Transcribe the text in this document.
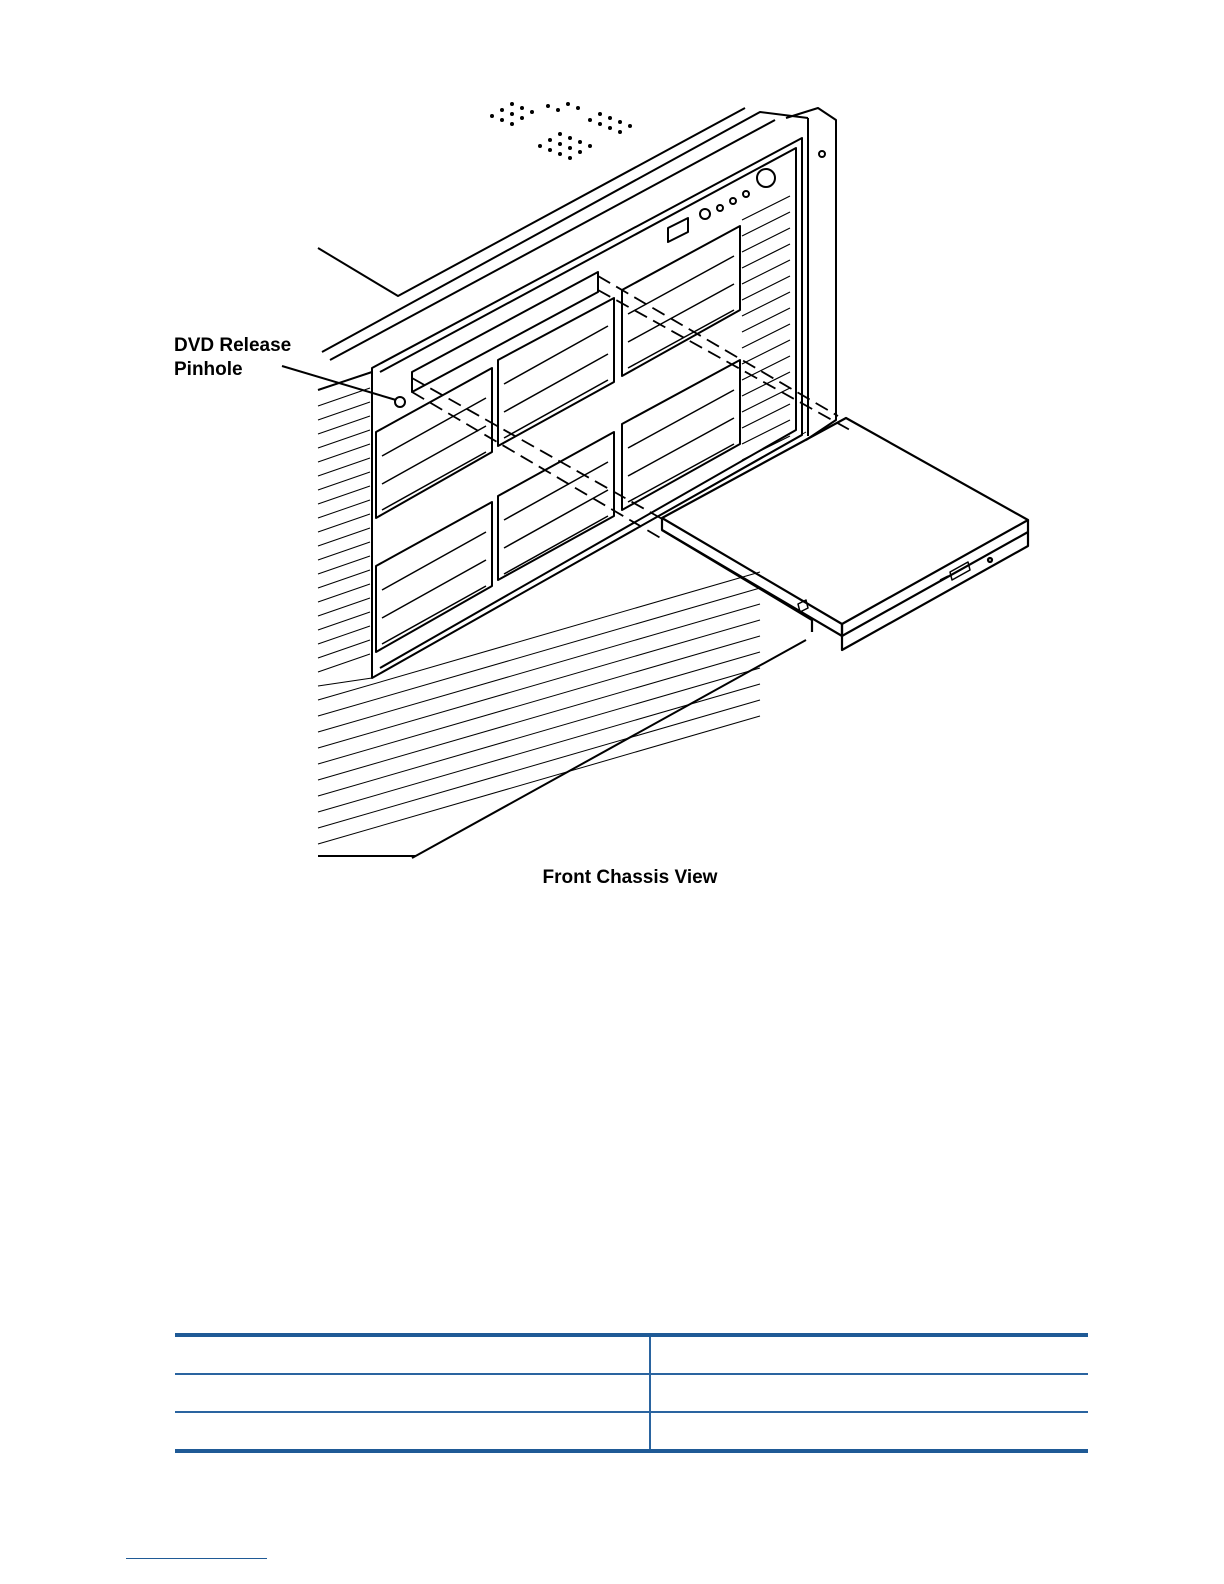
DVD Release
Pinhole
Front Chassis View
